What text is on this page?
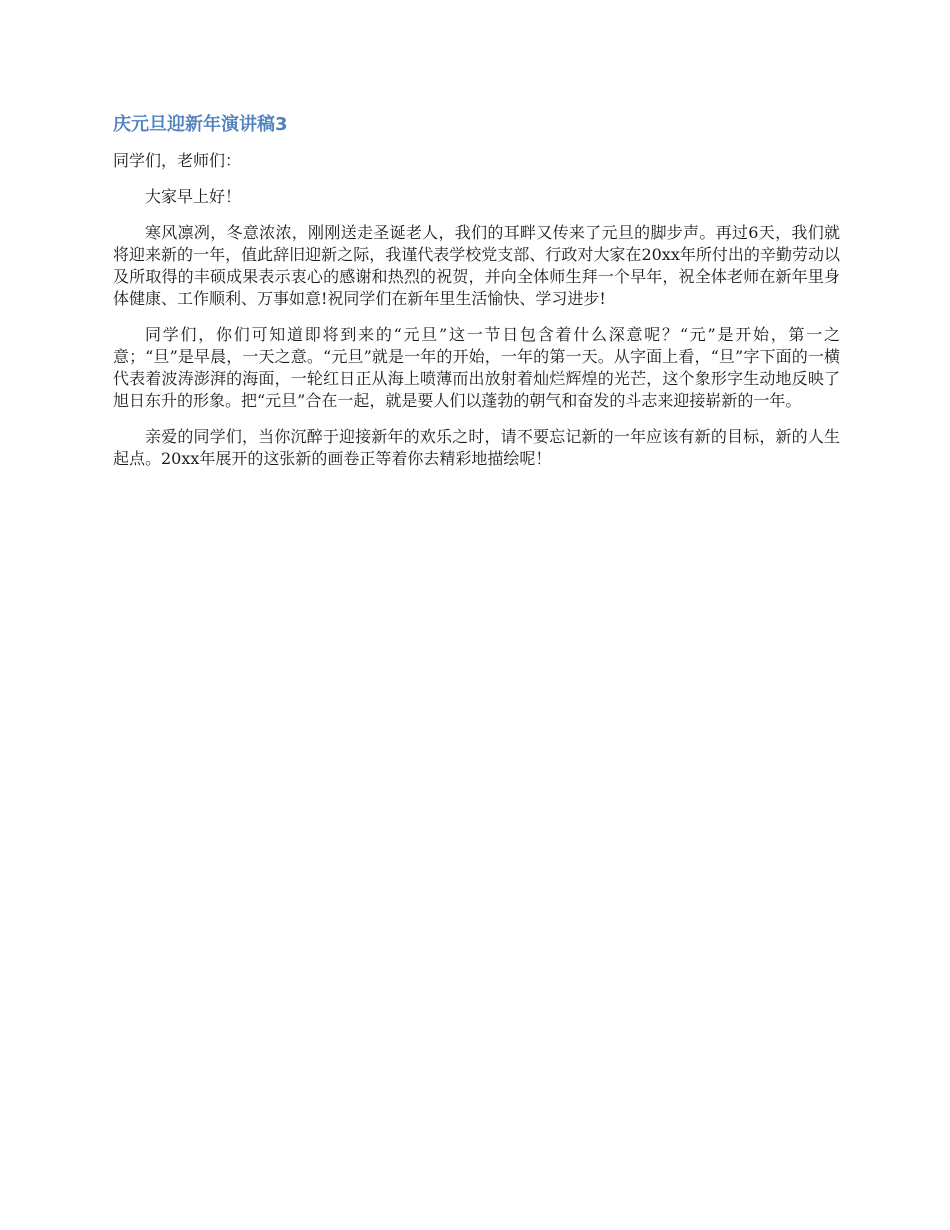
庆元旦迎新年演讲稿3

同学们，老师们：

大家早上好！

寒风凛冽，冬意浓浓，刚刚送走圣诞老人，我们的耳畔又传来了元旦的脚步声。再过6天，我们就将迎来新的一年，值此辞旧迎新之际，我谨代表学校党支部、行政对大家在20xx年所付出的辛勤劳动以及所取得的丰硕成果表示衷心的感谢和热烈的祝贺，并向全体师生拜一个早年，祝全体老师在新年里身体健康、工作顺利、万事如意!祝同学们在新年里生活愉快、学习进步!

同学们，你们可知道即将到来的“元旦”这一节日包含着什么深意呢？“元”是开始，第一之意；“旦”是早晨，一天之意。“元旦”就是一年的开始，一年的第一天。从字面上看，“旦”字下面的一横代表着波涛澎湃的海面，一轮红日正从海上喷薄而出放射着灿烂辉煌的光芒，这个象形字生动地反映了旭日东升的形象。把“元旦”合在一起，就是要人们以蓬勃的朝气和奋发的斗志来迎接崭新的一年。

亲爱的同学们，当你沉醉于迎接新年的欢乐之时，请不要忘记新的一年应该有新的目标，新的人生起点。20xx年展开的这张新的画卷正等着你去精彩地描绘呢！
